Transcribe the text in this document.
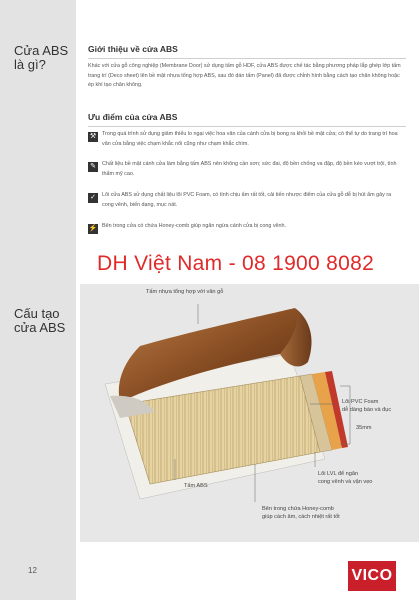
Cửa ABS
là gì?
Cấu tạo
cửa ABS
12
Giới thiệu về cửa ABS
Khác với cửa gỗ công nghiệp (Membrane Door) sử dụng tấm gỗ HDF, cửa ABS được chế tác bằng phương pháp lắp ghép lớp tấm trang trí (Deco sheet) lên bề mặt nhựa tổng hợp ABS, sau đó dán tấm (Panel) đã được chỉnh hình bằng cách tạo chân không hoặc ép khí tạo chân không.
Ưu điểm của cửa ABS
⚒	Trong quá trình sử dụng giảm thiểu lo ngại việc hoa văn của cánh cửa bị bong ra khỏi bề mặt cửa; có thể tự do trang trí hoa văn cửa bằng việc chạm khắc nổi cũng như chạm khắc chìm.
✎	Chất liệu bề mặt cánh cửa làm bằng tấm ABS nên không cần sơn; sức đai, độ bền chống va đập, độ bền kéo vượt trội, tính thẩm mỹ cao.
✓	Lõi cửa ABS sử dụng chất liệu lõi PVC Foam, có tính chịu ẩm rất tốt, cải tiến nhược điểm của cửa gỗ dễ bị hút ẩm gây ra cong vênh, biến dạng, mục nát.
⚡ Bên trong cửa có chứa Honey-comb giúp ngăn ngừa cánh cửa bị cong vênh.
DH Việt Nam - 08 1900 8082
Tấm nhựa tổng hợp với vân gỗ
Lõi PVC Foam
dễ dàng bào và đục
35mm
Lõi LVL để ngăn
cong vênh và vặn vẹo
Tấm ABS
Bên trong chứa Honey-comb
giúp cách âm, cách nhiệt rất tốt
VICO
